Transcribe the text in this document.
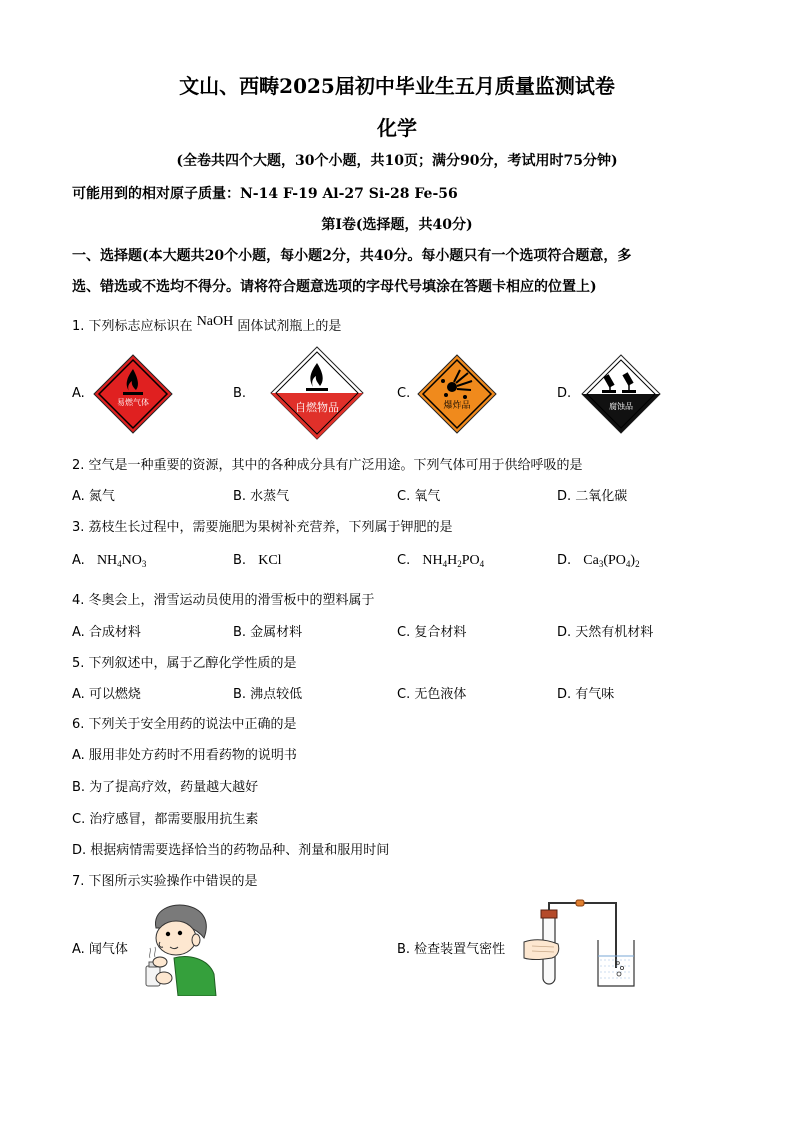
文山、西畴2025届初中毕业生五月质量监测试卷
化学
(全卷共四个大题，30个小题，共10页；满分90分，考试用时75分钟)
可能用到的相对原子质量：N-14 F-19 Al-27 Si-28 Fe-56
第Ⅰ卷(选择题，共40分)
一、选择题(本大题共20个小题，每小题2分，共40分。每小题只有一个选项符合题意，多
选、错选或不选均不得分。请将符合题意选项的字母代号填涂在答题卡相应的位置上)
1. 下列标志应标识在 NaOH 固体试剂瓶上的是
A.
易燃气体
B.
自燃物品
C.
爆炸品
D.
腐蚀品
2. 空气是一种重要的资源，其中的各种成分具有广泛用途。下列气体可用于供给呼吸的是
A. 氮气	B. 水蒸气	C. 氧气	D. 二氧化碳
3. 荔枝生长过程中，需要施肥为果树补充营养，下列属于钾肥的是
A. $NH_4NO_3$	B. KCl	C. $NH_4H_2PO_4$	D. $Ca_3(PO_4)_2$
4. 冬奥会上，滑雪运动员使用的滑雪板中的塑料属于
A. 合成材料	B. 金属材料	C. 复合材料	D. 天然有机材料
5. 下列叙述中，属于乙醇化学性质的是
A. 可以燃烧	B. 沸点较低	C. 无色液体	D. 有气味
6. 下列关于安全用药的说法中正确的是
A. 服用非处方药时不用看药物的说明书
B. 为了提高疗效，药量越大越好
C. 治疗感冒，都需要服用抗生素
D. 根据病情需要选择恰当的药物品种、剂量和服用时间
7. 下图所示实验操作中错误的是
A. 闻气体	B. 检查装置气密性
